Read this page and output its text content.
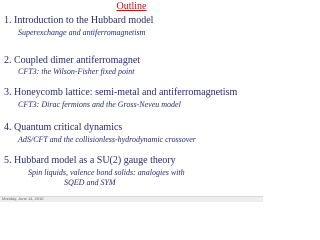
Outline
1. Introduction to the Hubbard model
Superexchange and antiferromagnetism
2. Coupled dimer antiferromagnet
CFT3: the Wilson-Fisher fixed point
3. Honeycomb lattice: semi-metal and antiferromagnetism
CFT3: Dirac fermions and the Gross-Neveu model
4. Quantum critical dynamics
AdS/CFT and the collisionless-hydrodynamic crossover
5. Hubbard model as a SU(2) gauge theory
Spin liquids, valence bond solids: analogies with
SQED and SYM
Monday, June 14, 2010
